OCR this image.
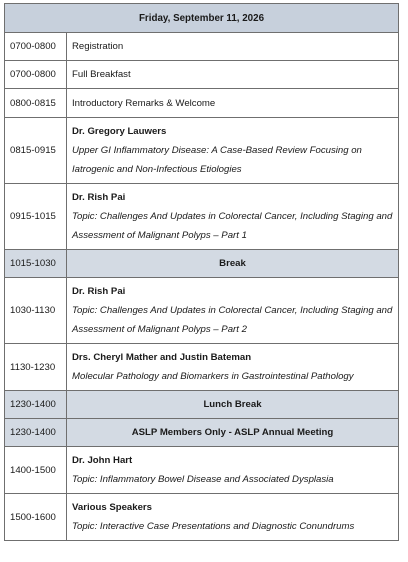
Friday, September 11, 2026	
0700-0800	Registration
0700-0800	Full Breakfast
0800-0815	Introductory Remarks & Welcome
0815-0915	Dr. Gregory Lauwers
Upper GI Inflammatory Disease: A Case-Based Review Focusing on Iatrogenic and Non-Infectious Etiologies

0915-1015	Dr. Rish Pai
Topic: Challenges And Updates in Colorectal Cancer, Including Staging and Assessment of Malignant Polyps – Part 1

1015-1030	Break
1030-1130	Dr. Rish Pai
Topic: Challenges And Updates in Colorectal Cancer, Including Staging and Assessment of Malignant Polyps – Part 2

1130-1230	Drs. Cheryl Mather and Justin Bateman
Molecular Pathology and Biomarkers in Gastrointestinal Pathology

1230-1400	Lunch Break
1230-1400	ASLP Members Only - ASLP Annual Meeting
1400-1500	Dr. John Hart
Topic: Inflammatory Bowel Disease and Associated Dysplasia

1500-1600	Various Speakers
Topic: Interactive Case Presentations and Diagnostic Conundrums
